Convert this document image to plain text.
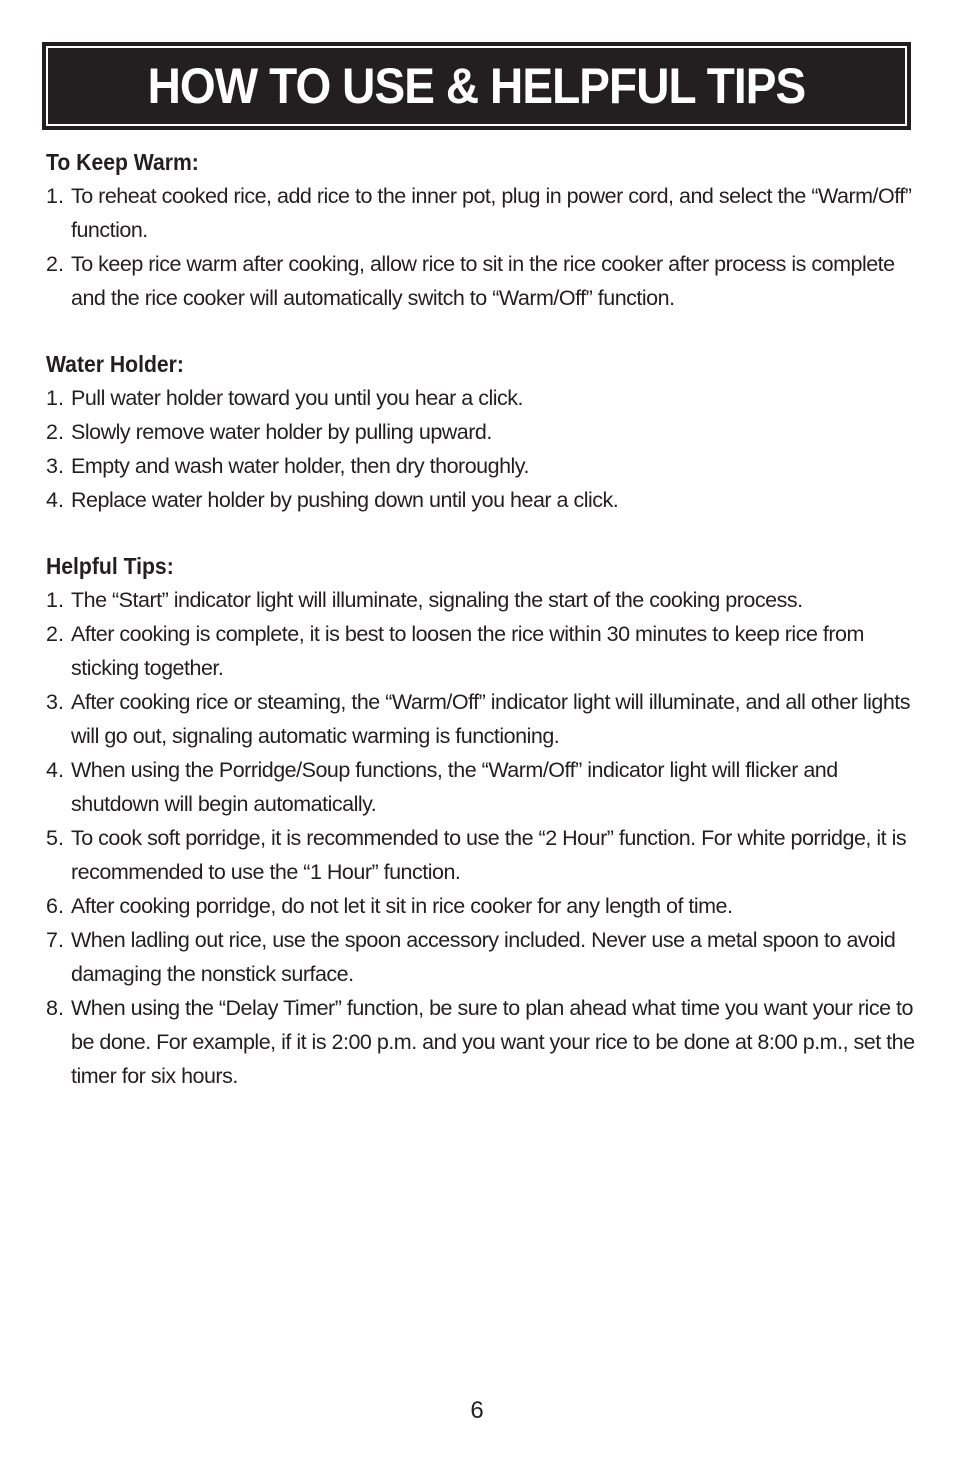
HOW TO USE & HELPFUL TIPS
To Keep Warm:
1. To reheat cooked rice, add rice to the inner pot, plug in power cord, and select the “Warm/Off” function.
2. To keep rice warm after cooking, allow rice to sit in the rice cooker after process is complete and the rice cooker will automatically switch to “Warm/Off” function.
Water Holder:
1. Pull water holder toward you until you hear a click.
2. Slowly remove water holder by pulling upward.
3. Empty and wash water holder, then dry thoroughly.
4. Replace water holder by pushing down until you hear a click.
Helpful Tips:
1. The “Start” indicator light will illuminate, signaling the start of the cooking process.
2. After cooking is complete, it is best to loosen the rice within 30 minutes to keep rice from sticking together.
3. After cooking rice or steaming, the “Warm/Off” indicator light will illuminate, and all other lights will go out, signaling automatic warming is functioning.
4. When using the Porridge/Soup functions, the “Warm/Off” indicator light will flicker and shutdown will begin automatically.
5. To cook soft porridge, it is recommended to use the “2 Hour” function. For white porridge, it is recommended to use the “1 Hour” function.
6. After cooking porridge, do not let it sit in rice cooker for any length of time.
7. When ladling out rice, use the spoon accessory included. Never use a metal spoon to avoid damaging the nonstick surface.
8. When using the “Delay Timer” function, be sure to plan ahead what time you want your rice to be done. For example, if it is 2:00 p.m. and you want your rice to be done at 8:00 p.m., set the timer for six hours.
6
